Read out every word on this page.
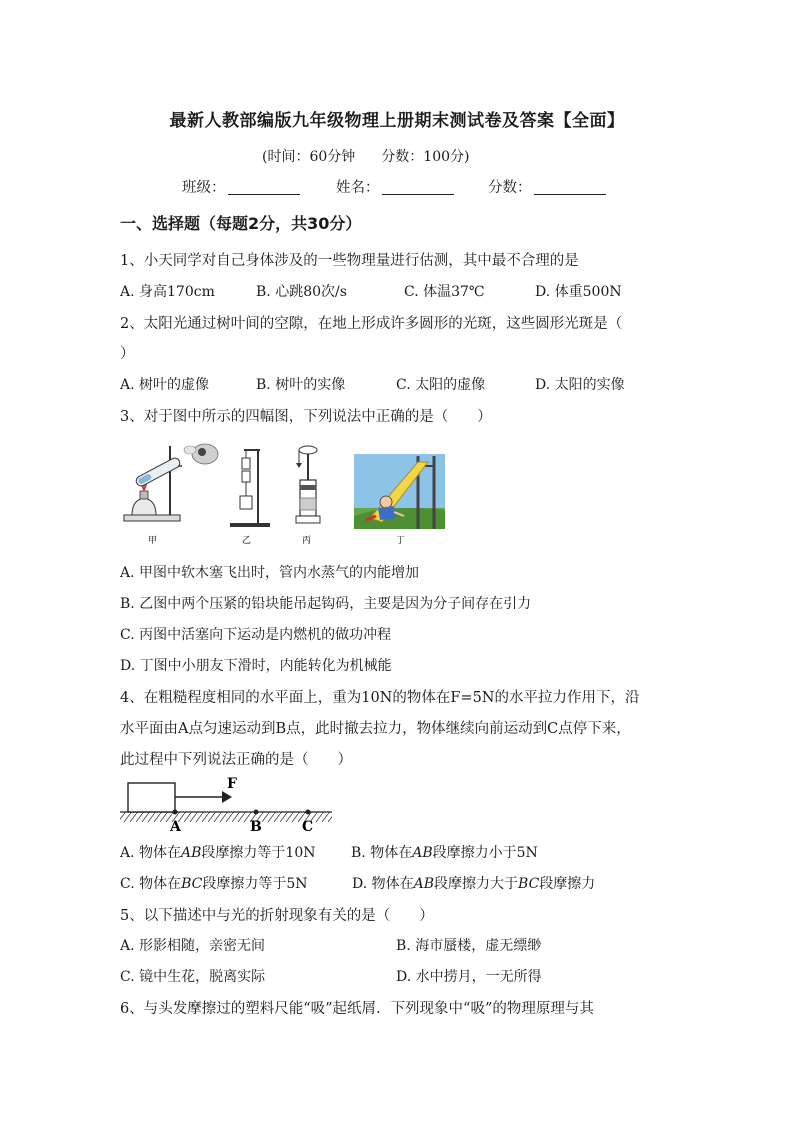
最新人教部编版九年级物理上册期末测试卷及答案【全面】
(时间：60分钟 分数：100分)
班级：	姓名：	分数：
一、选择题（每题2分，共30分）
1、小天同学对自己身体涉及的一些物理量进行估测，其中最不合理的是
A. 身高170cm	B. 心跳80次/s	C. 体温37℃	D. 体重500N
2、太阳光通过树叶间的空隙，在地上形成许多圆形的光斑，这些圆形光斑是（
）
A. 树叶的虚像	B. 树叶的实像	C. 太阳的虚像	D. 太阳的实像
3、对于图中所示的四幅图，下列说法中正确的是（　　）
甲	乙	丙	丁
A. 甲图中软木塞飞出时，管内水蒸气的内能增加
B. 乙图中两个压紧的铅块能吊起钩码，主要是因为分子间存在引力
C. 丙图中活塞向下运动是内燃机的做功冲程
D. 丁图中小朋友下滑时，内能转化为机械能
4、在粗糙程度相同的水平面上，重为10N的物体在F=5N的水平拉力作用下，沿
水平面由A点匀速运动到B点，此时撤去拉力，物体继续向前运动到C点停下来，
此过程中下列说法正确的是（　　）
F
A	B	C
A. 物体在AB段摩擦力等于10N	B. 物体在AB段摩擦力小于5N
C. 物体在BC段摩擦力等于5N	D. 物体在AB段摩擦力大于BC段摩擦力
5、以下描述中与光的折射现象有关的是（　　）
A. 形影相随，亲密无间	B. 海市蜃楼，虚无缥缈
C. 镜中生花，脱离实际	D. 水中捞月，一无所得
6、与头发摩擦过的塑料尺能“吸”起纸屑．下列现象中“吸”的物理原理与其
